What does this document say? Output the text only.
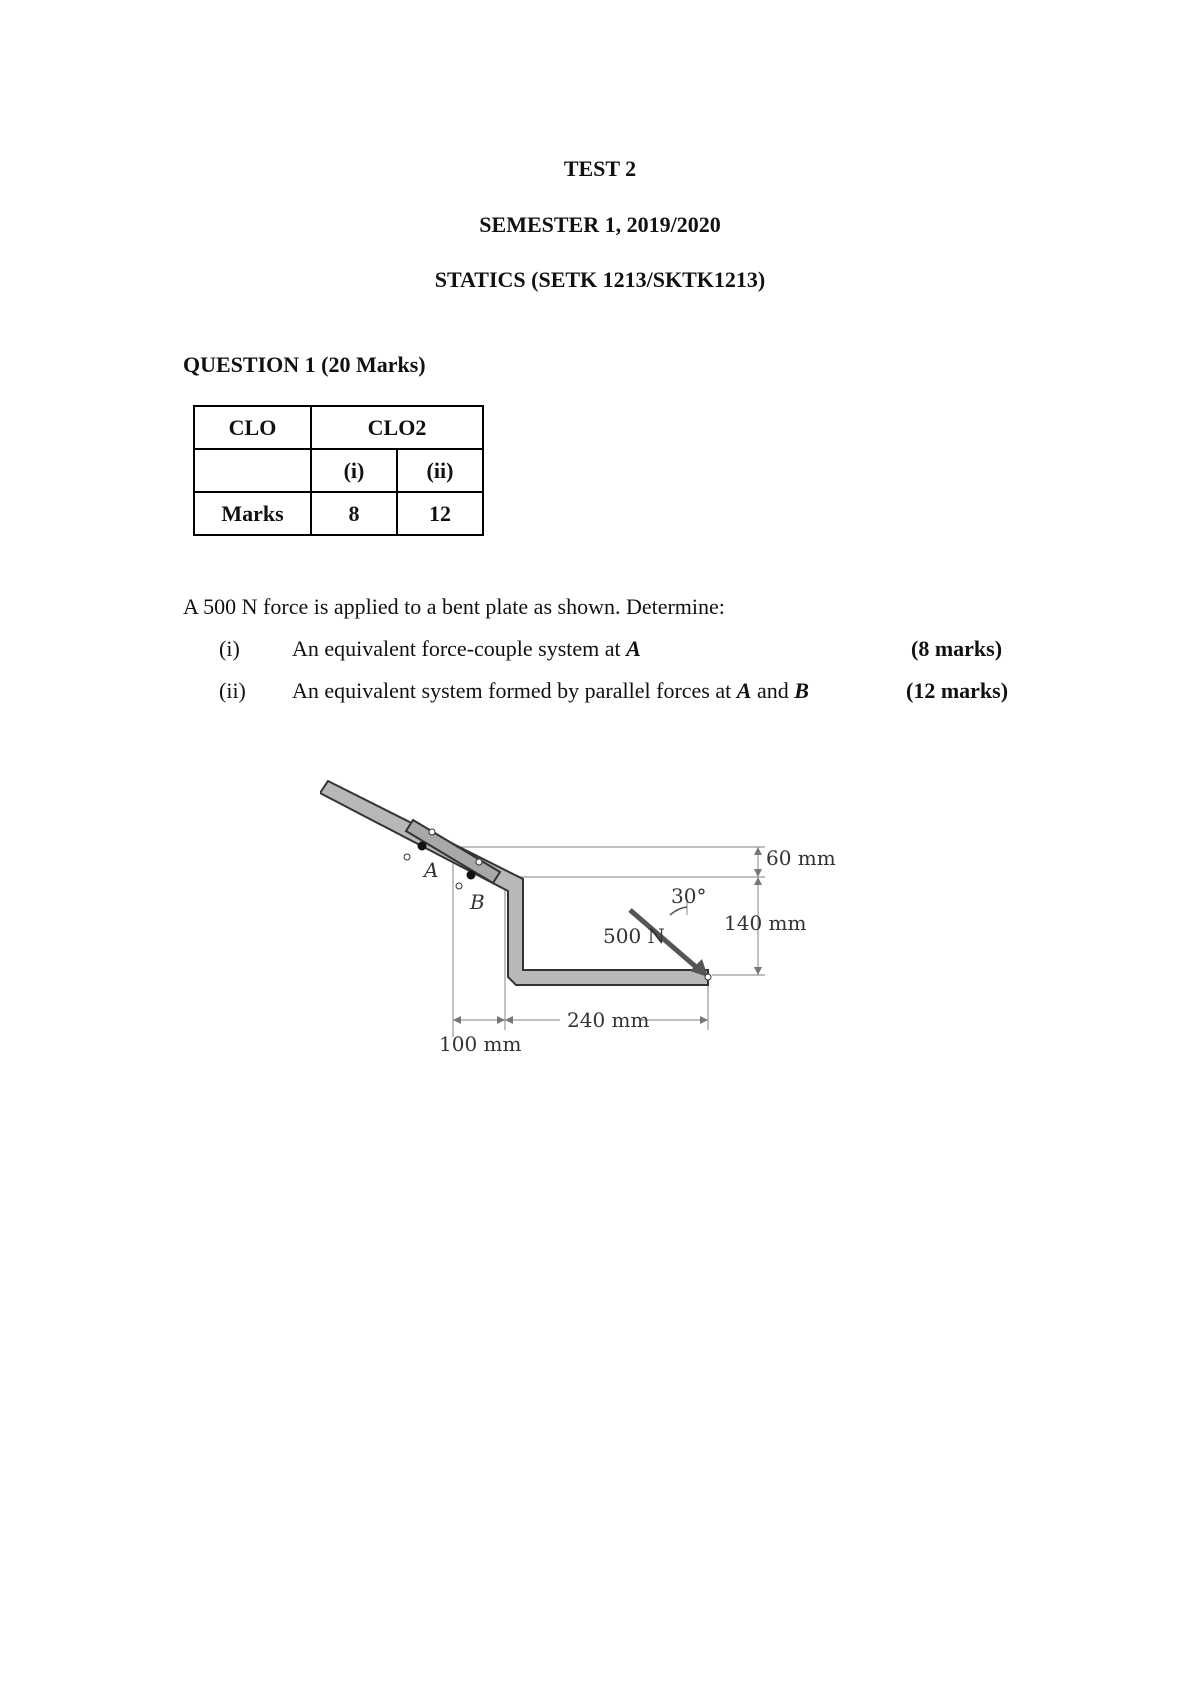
TEST 2
SEMESTER 1, 2019/2020
STATICS (SETK 1213/SKTK1213)
QUESTION 1 (20 Marks)
CLO	CLO2	
	(i)	(ii)
Marks	8	12
A 500 N force is applied to a bent plate as shown. Determine:
(i) An equivalent force-couple system at A	(8 marks)
(ii) An equivalent system formed by parallel forces at A and B	(12 marks)
A
B
500 N
30°
60 mm
140 mm
240 mm
100 mm
